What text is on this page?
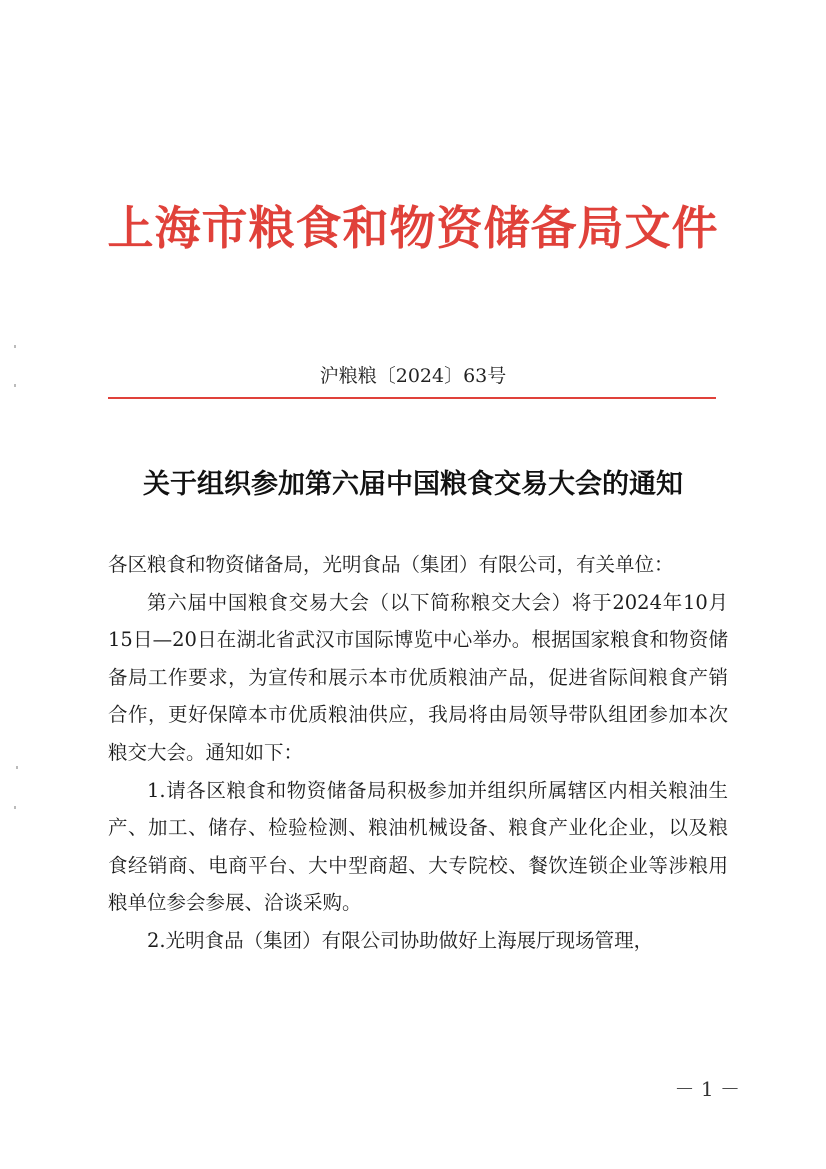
上海市粮食和物资储备局文件
沪粮粮〔2024〕63号
关于组织参加第六届中国粮食交易大会的通知

各区粮食和物资储备局，光明食品（集团）有限公司，有关单位：

第六届中国粮食交易大会（以下简称粮交大会）将于2024年10月15日—20日在湖北省武汉市国际博览中心举办。根据国家粮食和物资储备局工作要求，为宣传和展示本市优质粮油产品，促进省际间粮食产销合作，更好保障本市优质粮油供应，我局将由局领导带队组团参加本次粮交大会。通知如下：

1.请各区粮食和物资储备局积极参加并组织所属辖区内相关粮油生产、加工、储存、检验检测、粮油机械设备、粮食产业化企业，以及粮食经销商、电商平台、大中型商超、大专院校、餐饮连锁企业等涉粮用粮单位参会参展、洽谈采购。

2.光明食品（集团）有限公司协助做好上海展厅现场管理，

－ 1 －
